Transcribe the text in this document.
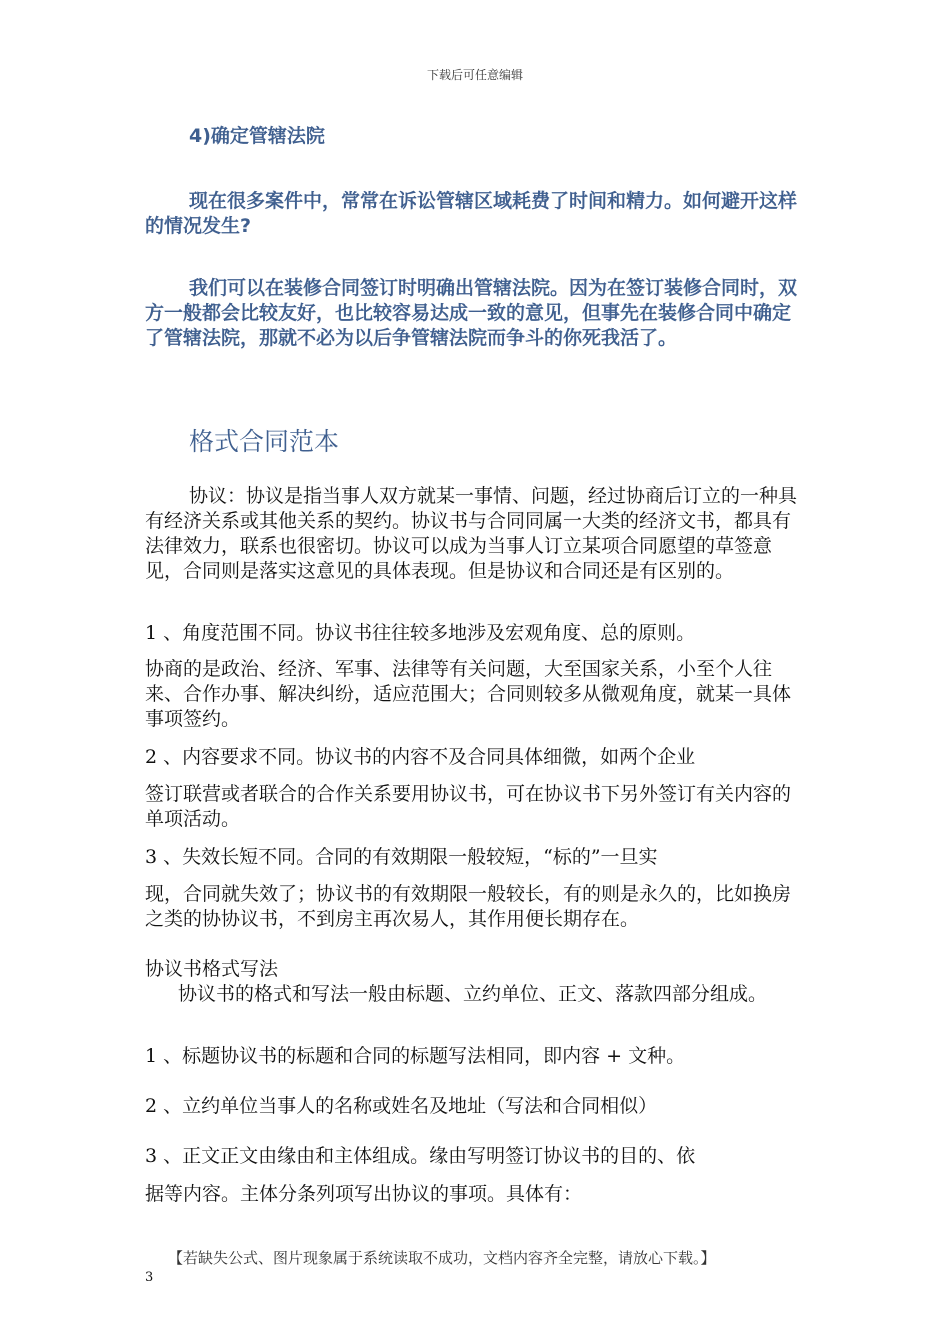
下载后可任意编辑
4)确定管辖法院
现在很多案件中，常常在诉讼管辖区域耗费了时间和精力。如何避开这样的情况发生?
我们可以在装修合同签订时明确出管辖法院。因为在签订装修合同时，双方一般都会比较友好，也比较容易达成一致的意见，但事先在装修合同中确定了管辖法院，那就不必为以后争管辖法院而争斗的你死我活了。
格式合同范本
协议：协议是指当事人双方就某一事情、问题，经过协商后订立的一种具有经济关系或其他关系的契约。协议书与合同同属一大类的经济文书，都具有法律效力，联系也很密切。协议可以成为当事人订立某项合同愿望的草签意见，合同则是落实这意见的具体表现。但是协议和合同还是有区别的。
1 、角度范围不同。协议书往往较多地涉及宏观角度、总的原则。
协商的是政治、经济、军事、法律等有关问题，大至国家关系，小至个人往来、合作办事、解决纠纷，适应范围大；合同则较多从微观角度，就某一具体事项签约。
2 、内容要求不同。协议书的内容不及合同具体细微，如两个企业
签订联营或者联合的合作关系要用协议书，可在协议书下另外签订有关内容的单项活动。
3 、失效长短不同。合同的有效期限一般较短，“标的”一旦实
现，合同就失效了；协议书的有效期限一般较长，有的则是永久的，比如换房之类的协协议书，不到房主再次易人，其作用便长期存在。
协议书格式写法
协议书的格式和写法一般由标题、立约单位、正文、落款四部分组成。
1 、标题协议书的标题和合同的标题写法相同，即内容 + 文种。
2 、立约单位当事人的名称或姓名及地址（写法和合同相似）
3 、正文正文由缘由和主体组成。缘由写明签订协议书的目的、依
据等内容。主体分条列项写出协议的事项。具体有：
【若缺失公式、图片现象属于系统读取不成功，文档内容齐全完整，请放心下载。】
3
